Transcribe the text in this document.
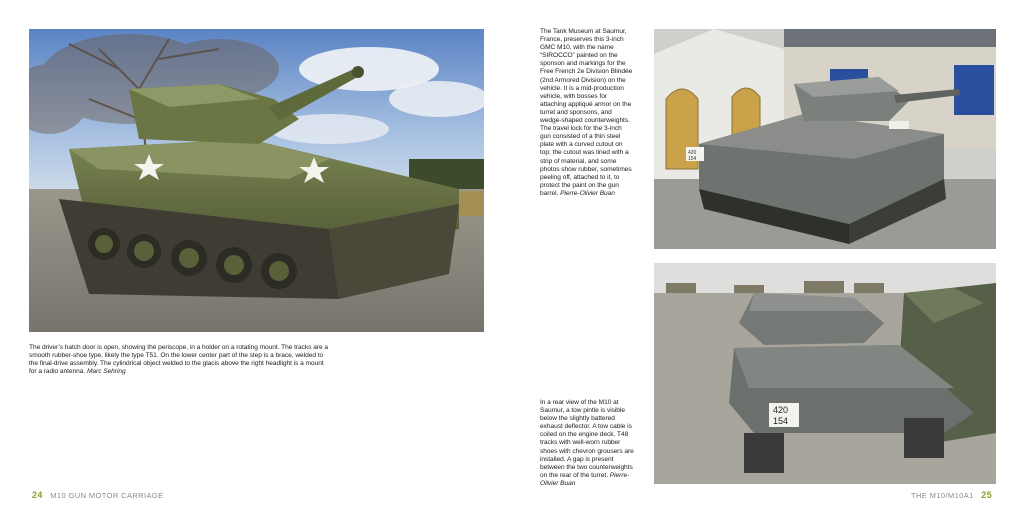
The driver’s hatch door is open, showing the periscope, in a holder on a rotating mount. The tracks are a smooth rubber-shoe type, likely the type T51. On the lower center part of the step is a brace, welded to the final-drive assembly. The cylindrical object welded to the glacis above the right headlight is a mount for a radio antenna. Marc Sehring
24 M10 GUN MOTOR CARRIAGE
The Tank Museum at Saumur, France, preserves this 3-inch GMC M10, with the name “SIROCCO” painted on the sponson and markings for the Free French 2e Division Blindée (2nd Armored Division) on the vehicle. It is a mid-production vehicle, with bosses for attaching appliqué armor on the turret and sponsons, and wedge-shaped counterweights. The travel lock for the 3-inch gun consisted of a thin steel plate with a curved cutout on top; the cutout was lined with a strip of material, and some photos show rubber, sometimes peeling off, attached to it, to protect the paint on the gun barrel. Pierre-Olivier Buan
420
154
420
154
In a rear view of the M10 at Saumur, a tow pintle is visible below the slightly battered exhaust deflector. A tow cable is coiled on the engine deck. T48 tracks with well-worn rubber shoes with chevron grousers are installed. A gap is present between the two counterweights on the rear of the turret. Pierre-Olivier Buan
THE M10/M10A1 25
